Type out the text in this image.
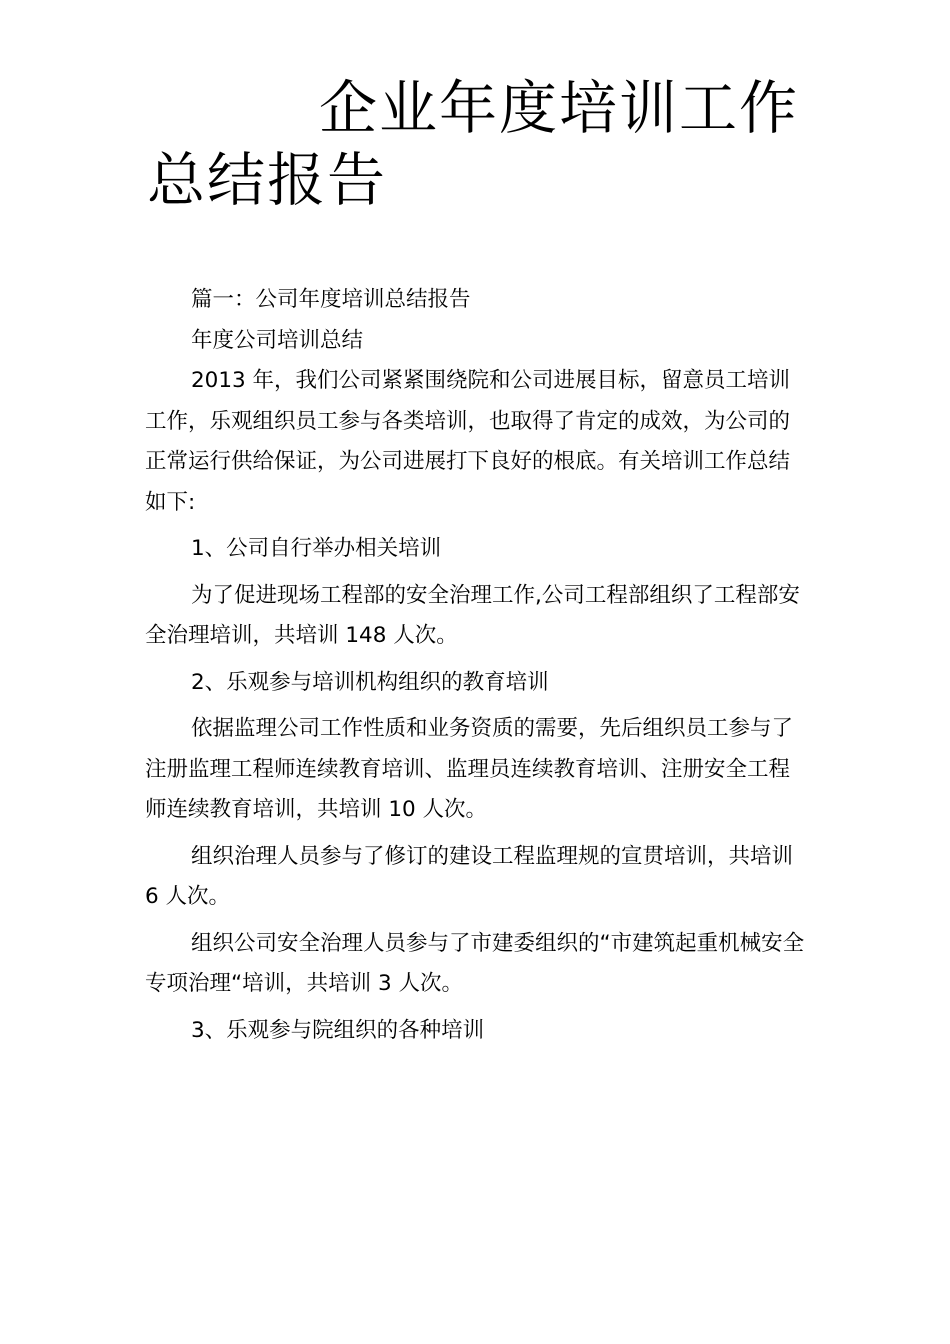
企业年度培训工作
总结报告

篇一：公司年度培训总结报告

年度公司培训总结

2013 年，我们公司紧紧围绕院和公司进展目标，留意员工培训工作，乐观组织员工参与各类培训，也取得了肯定的成效，为公司的正常运行供给保证，为公司进展打下良好的根底。有关培训工作总结如下:

1、公司自行举办相关培训

为了促进现场工程部的安全治理工作,公司工程部组织了工程部安全治理培训，共培训 148 人次。

2、乐观参与培训机构组织的教育培训

依据监理公司工作性质和业务资质的需要，先后组织员工参与了注册监理工程师连续教育培训、监理员连续教育培训、注册安全工程师连续教育培训，共培训 10 人次。

组织治理人员参与了修订的建设工程监理规的宣贯培训，共培训 6 人次。

组织公司安全治理人员参与了市建委组织的“市建筑起重机械安全专项治理“培训，共培训 3 人次。

3、乐观参与院组织的各种培训
